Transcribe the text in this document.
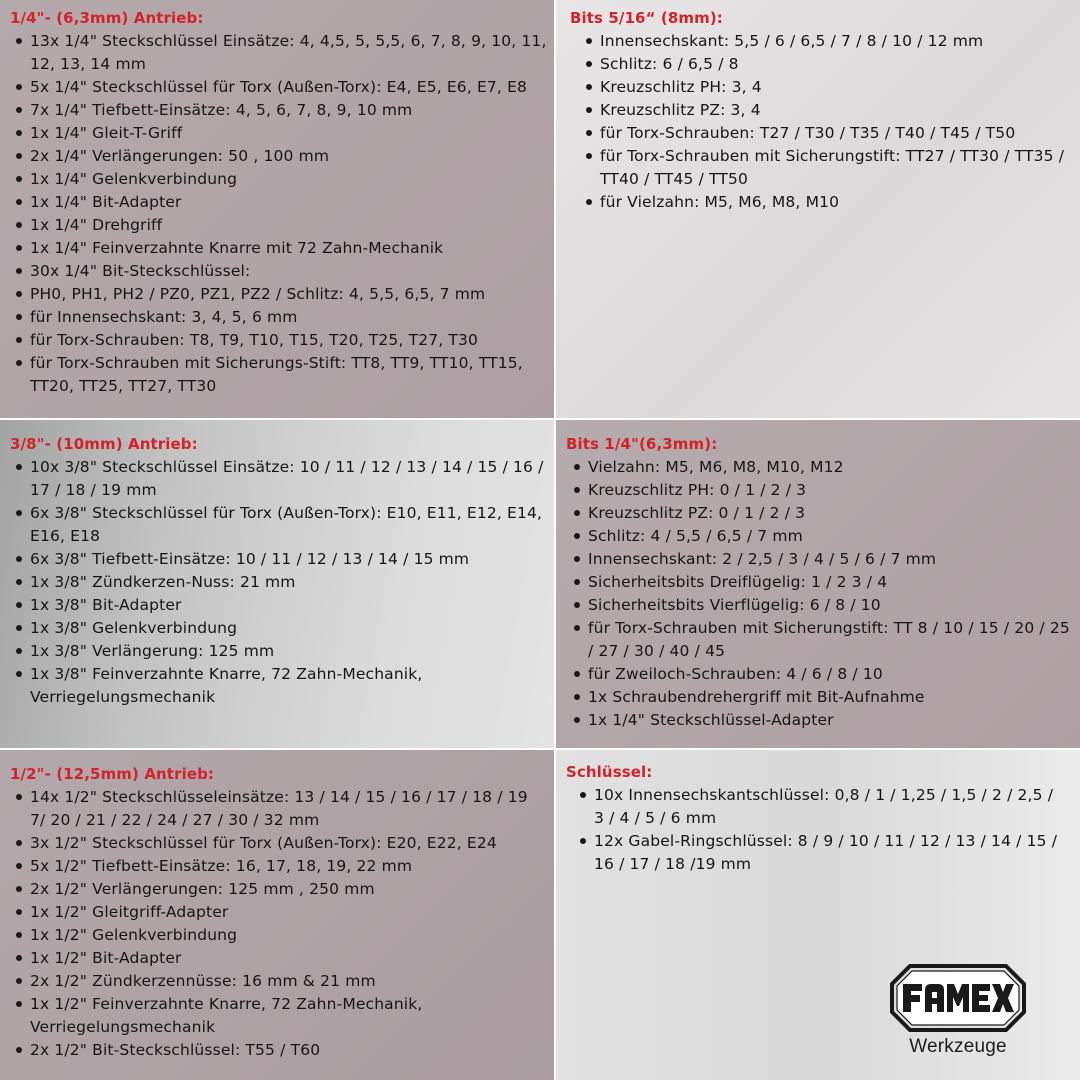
1/4"- (6,3mm) Antrieb:
13x 1/4" Steckschlüssel Einsätze: 4, 4,5, 5, 5,5, 6, 7, 8, 9, 10, 11, 12, 13, 14 mm
5x 1/4" Steckschlüssel für Torx (Außen-Torx): E4, E5, E6, E7, E8
7x 1/4" Tiefbett-Einsätze: 4, 5, 6, 7, 8, 9, 10 mm
1x 1/4" Gleit-T-Griff
2x 1/4" Verlängerungen: 50 , 100 mm
1x 1/4" Gelenkverbindung
1x 1/4" Bit-Adapter
1x 1/4" Drehgriff
1x 1/4" Feinverzahnte Knarre mit 72 Zahn-Mechanik
30x 1/4" Bit-Steckschlüssel:
PH0, PH1, PH2 / PZ0, PZ1, PZ2 / Schlitz: 4, 5,5, 6,5, 7 mm
für Innensechskant: 3, 4, 5, 6 mm
für Torx-Schrauben: T8, T9, T10, T15, T20, T25, T27, T30
für Torx-Schrauben mit Sicherungs-Stift: TT8, TT9, TT10, TT15, TT20, TT25, TT27, TT30
Bits 5/16“ (8mm):
Innensechskant: 5,5 / 6 / 6,5 / 7 / 8 / 10 / 12 mm
Schlitz: 6 / 6,5 / 8
Kreuzschlitz PH: 3, 4
Kreuzschlitz PZ: 3, 4
für Torx-Schrauben: T27 / T30 / T35 / T40 / T45 / T50
für Torx-Schrauben mit Sicherungstift: TT27 / TT30 / TT35 / TT40 / TT45 / TT50
für Vielzahn: M5, M6, M8, M10
3/8"- (10mm) Antrieb:
10x 3/8" Steckschlüssel Einsätze: 10 / 11 / 12 / 13 / 14 / 15 / 16 / 17 / 18 / 19 mm
6x 3/8" Steckschlüssel für Torx (Außen-Torx): E10, E11, E12, E14, E16, E18
6x 3/8" Tiefbett-Einsätze: 10 / 11 / 12 / 13 / 14 / 15 mm
1x 3/8" Zündkerzen-Nuss: 21 mm
1x 3/8" Bit-Adapter
1x 3/8" Gelenkverbindung
1x 3/8" Verlängerung: 125 mm
1x 3/8" Feinverzahnte Knarre, 72 Zahn-Mechanik, Verriegelungsmechanik
Bits 1/4"(6,3mm):
Vielzahn: M5, M6, M8, M10, M12
Kreuzschlitz PH: 0 / 1 / 2 / 3
Kreuzschlitz PZ: 0 / 1 / 2 / 3
Schlitz: 4 / 5,5 / 6,5 / 7 mm
Innensechskant: 2 / 2,5 / 3 / 4 / 5 / 6 / 7 mm
Sicherheitsbits Dreiflügelig: 1 / 2 3 / 4
Sicherheitsbits Vierflügelig: 6 / 8 / 10
für Torx-Schrauben mit Sicherungstift: TT 8 / 10 / 15 / 20 / 25 / 27 / 30 / 40 / 45
für Zweiloch-Schrauben: 4 / 6 / 8 / 10
1x Schraubendrehergriff mit Bit-Aufnahme
1x 1/4" Steckschlüssel-Adapter
1/2"- (12,5mm) Antrieb:
14x 1/2" Steckschlüsseleinsätze: 13 / 14 / 15 / 16 / 17 / 18 / 19 7/ 20 / 21 / 22 / 24 / 27 / 30 / 32 mm
3x 1/2" Steckschlüssel für Torx (Außen-Torx): E20, E22, E24
5x 1/2" Tiefbett-Einsätze: 16, 17, 18, 19, 22 mm
2x 1/2" Verlängerungen: 125 mm , 250 mm
1x 1/2" Gleitgriff-Adapter
1x 1/2" Gelenkverbindung
1x 1/2" Bit-Adapter
2x 1/2" Zündkerzennüsse: 16 mm & 21 mm
1x 1/2" Feinverzahnte Knarre, 72 Zahn-Mechanik, Verriegelungsmechanik
2x 1/2" Bit-Steckschlüssel: T55 / T60
Schlüssel:
10x Innensechskantschlüssel: 0,8 / 1 / 1,25 / 1,5 / 2 / 2,5 / 3 / 4 / 5 / 6 mm
12x Gabel-Ringschlüssel: 8 / 9 / 10 / 11 / 12 / 13 / 14 / 15 / 16 / 17 / 18 /19 mm
Werkzeuge
